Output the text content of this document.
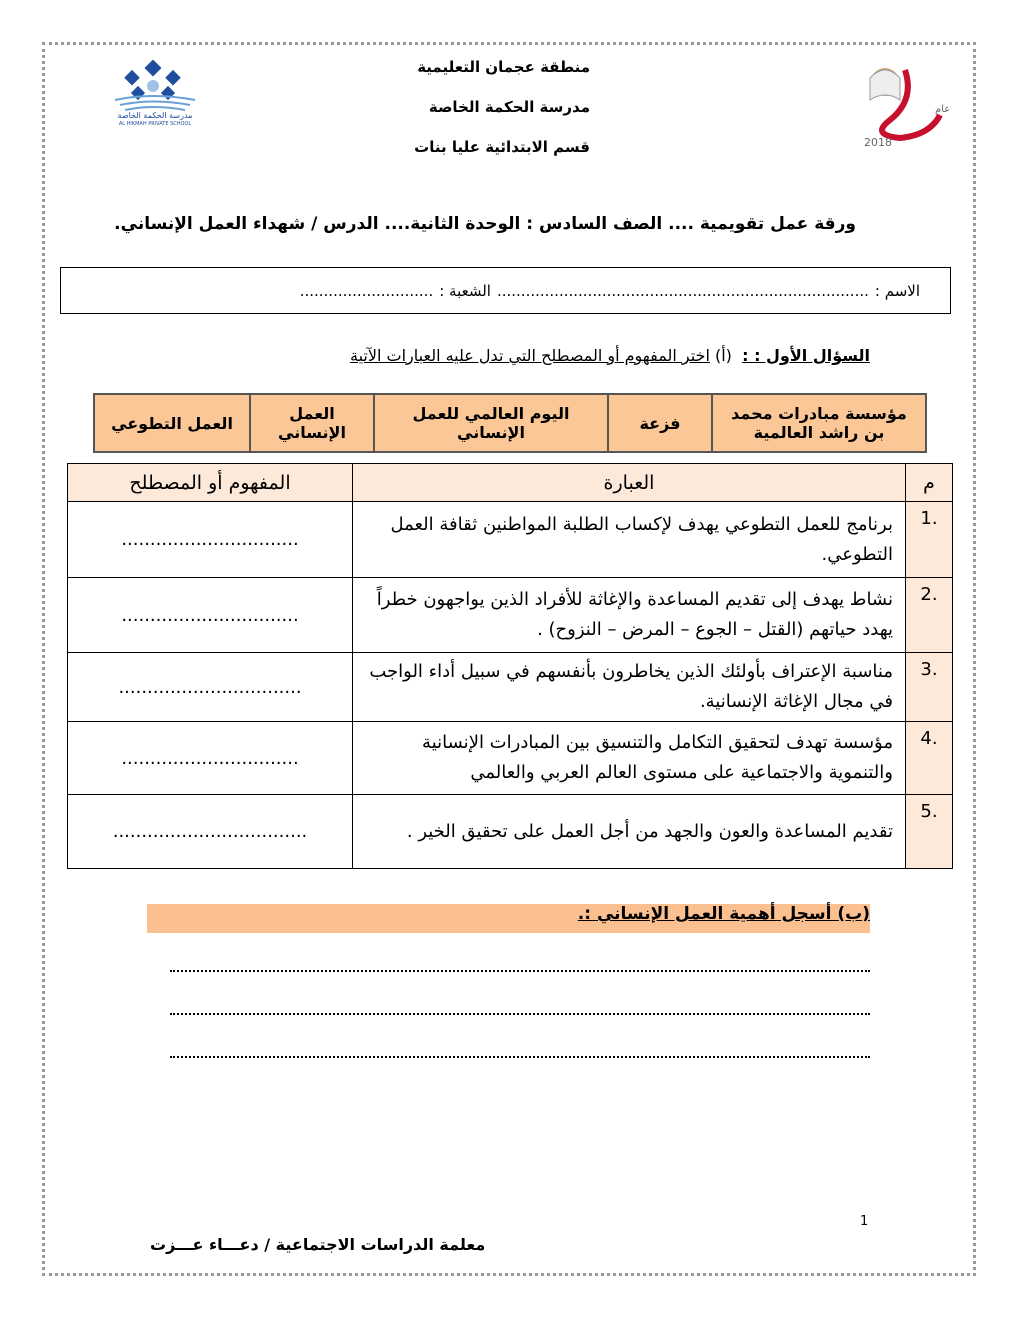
مدرسة الحكمة الخاصة
AL HIKMAH PRIVATE SCHOOL
منطقة عجمان التعليمية
مدرسة الحكمة الخاصة
قسم الابتدائية عليا بنات
عام
2018
ورقة عمل تقويمية .... الصف السادس : الوحدة الثانية.... الدرس / شهداء العمل الإنساني.
الاسم :
..............................................................................
الشعبة :
............................
السؤال الأول : :  (أ) اختر المفهوم أو المصطلح التي تدل عليه العبارات الآتية
مؤسسة مبادرات محمد بن راشد العالمية	فزعة	اليوم العالمي للعمل الإنساني	العمل الإنساني	العمل التطوعي
م	العبارة	المفهوم أو المصطلح
1.	برنامج للعمل التطوعي يهدف لإكساب الطلبة المواطنين ثقافة العمل التطوعي.	...............................
2.	نشاط يهدف إلى تقديم المساعدة والإغاثة للأفراد الذين يواجهون خطراً يهدد حياتهم (القتل – الجوع – المرض – النزوح) .	...............................
3.	مناسبة الإعتراف بأولئك الذين يخاطرون بأنفسهم في سبيل أداء الواجب في مجال الإغاثة الإنسانية.	................................
4.	مؤسسة تهدف لتحقيق التكامل والتنسيق بين المبادرات الإنسانية والتنموية والاجتماعية على مستوى العالم العربي والعالمي	...............................
5.	تقديم المساعدة والعون والجهد من أجل العمل على تحقيق الخير .	..................................
(ب) أسجل أهمية العمل الإنساني :.
1
معلمة الدراسات الاجتماعية / دعـــاء عـــزت
